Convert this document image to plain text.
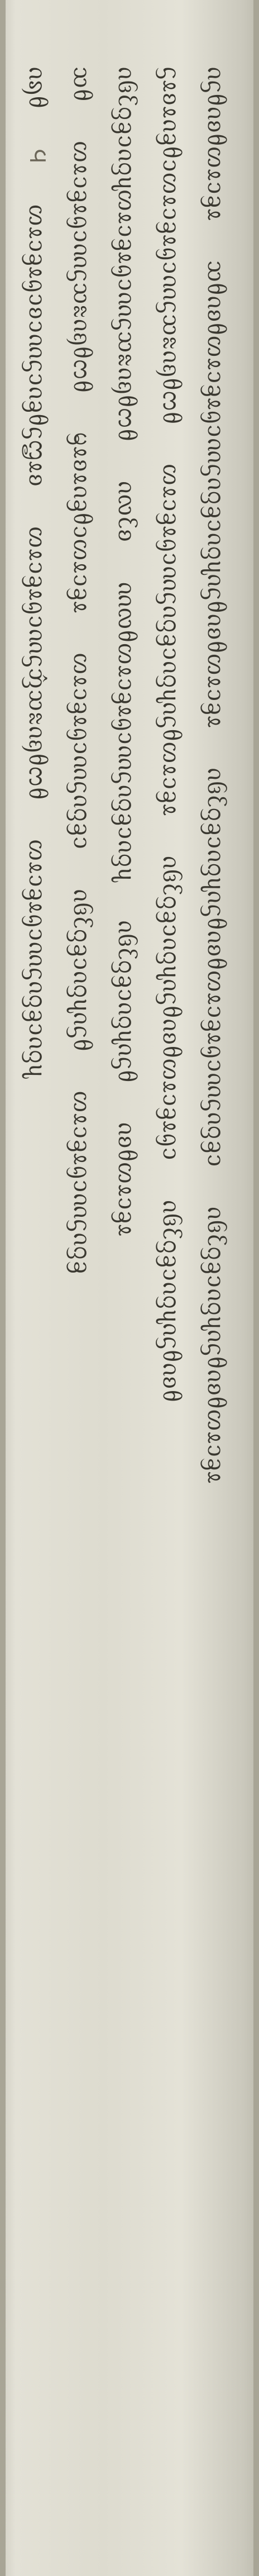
ᦵᦣᦲ
᪪
ᦠᦸᦱᦃᦸᦇᦱᦈᦱᦶᦓᦱᦵᦃᦲᦓᦗᦸᦈ
ᦠᦸᦱᦃᦸᦇᦱᦶᦓᦁᦉᦰᦵᦏᦲᦂᦲ
ᦠᦸᦱᦃᦸᦇᦱᦶᦓᦵᦋᦃᦱᦵᦋᦴ
ᦉᦲ
ᦠᦸᦱᦃᦸᦇᦱᦶᦓᦉᦰᦵᦏᦲᦂᦲ
ᦙᦸᦈᦸᦵᦃᦲᦱᦠᦸᦱᦃᦸ
ᦠᦸᦱᦃᦸᦇᦱᦶᦓᦵᦋᦃᦱ
ᦵᦑᦷᦋᦃᦱᦵᦋᦴᦵᦓᦲ
ᦠᦸᦱᦃᦸᦇᦱᦶᦓᦵᦋᦃ
ᦵᦑᦷᦋᦃᦱᦵᦋᦴᦠᦸᦱᦃᦸᦇᦱᦶᦓᦉᦰᦵᦏᦲᦂᦲ
ᦵᦟᦷᦈ
ᦶᦟᦲᦠᦸᦱᦃᦸᦇᦱᦶᦓᦵᦋᦃᦱᦵᦋᦴ
ᦵᦑᦷᦋᦃᦱᦵᦋᦴᦵᦓᦲ
ᦵᦈᦲᦠᦸᦱᦃᦸ
ᦓᦸᦈᦸᦵᦃᦲᦱᦠᦸᦱᦃᦸᦇᦱᦶᦓᦉᦰᦵᦏᦲᦂᦲ
ᦠᦸᦱᦃᦸᦇᦱᦶᦓᦵᦋᦃᦱᦵᦋᦴᦵᦓᦲᦠᦸᦱᦃᦸ
ᦵᦑᦷᦋᦃᦱᦵᦋᦴᦵᦓᦲᦵᦈᦲᦠᦸᦱᦃᦸᦇᦱ
ᦵᦑᦷᦋᦃᦱᦵᦋᦴᦵᦓᦲᦵᦈᦲ
ᦵᦓᦲᦵᦈᦲᦠᦸᦱᦃᦸ
ᦉᦲᦵᦈᦲᦠᦸᦱᦃᦸᦇᦱᦶᦓᦵᦋᦃᦱᦵᦋᦴᦵᦓᦲᦵᦈᦲᦠᦸᦱᦃᦸ
ᦵᦑᦷᦋᦃᦱᦵᦋᦴᦵᦓᦲᦵᦈᦲᦠᦸᦱᦃᦸᦇᦱᦶᦓᦵᦋᦃᦱ
ᦵᦑᦷᦋᦃᦱᦵᦋᦴᦵᦓᦲᦵᦈᦲᦠᦸᦱᦃᦸ
